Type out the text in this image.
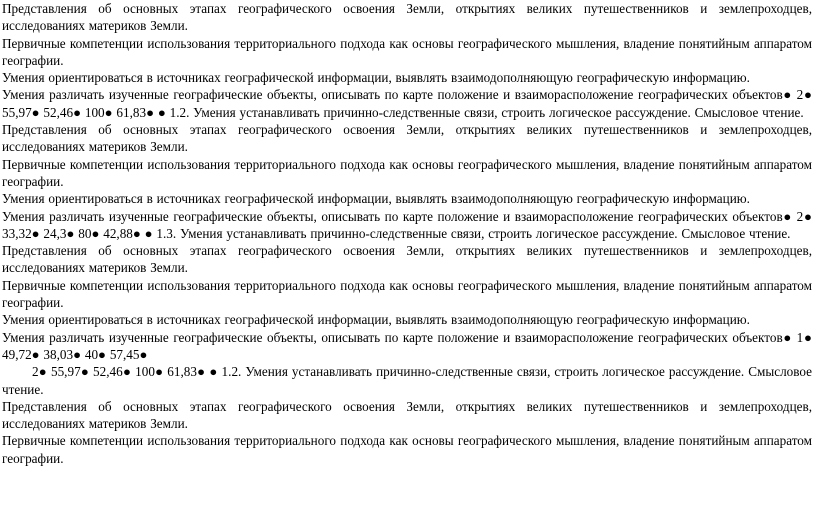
Представления об основных этапах географического освоения Земли, открытиях великих путешественников и землепроходцев, исследованиях материков Земли.

Первичные компетенции использования территориального подхода как основы географического мышления, владение понятийным аппаратом географии.

Умения ориентироваться в источниках географической информации, выявлять взаимодополняющую географическую информацию.

Умения различать изученные географические объекты, описывать по карте положение и взаиморасположение географических объектов● 2● 55,97● 52,46● 100● 61,83● ● 1.2. Умения устанавливать причинно-следственные связи, строить логическое рассуждение. Смысловое чтение.

Представления об основных этапах географического освоения Земли, открытиях великих путешественников и землепроходцев, исследованиях материков Земли.

Первичные компетенции использования территориального подхода как основы географического мышления, владение понятийным аппаратом географии.

Умения ориентироваться в источниках географической информации, выявлять взаимодополняющую географическую информацию.

Умения различать изученные географические объекты, описывать по карте положение и взаиморасположение географических объектов● 2● 33,32● 24,3● 80● 42,88● ● 1.3. Умения устанавливать причинно-следственные связи, строить логическое рассуждение. Смысловое чтение.

Представления об основных этапах географического освоения Земли, открытиях великих путешественников и землепроходцев, исследованиях материков Земли.

Первичные компетенции использования территориального подхода как основы географического мышления, владение понятийным аппаратом географии.

Умения ориентироваться в источниках географической информации, выявлять взаимодополняющую географическую информацию.

Умения различать изученные географические объекты, описывать по карте положение и взаиморасположение географических объектов● 1● 49,72● 38,03● 40● 57,45●

2● 55,97● 52,46● 100● 61,83● ● 1.2. Умения устанавливать причинно-следственные связи, строить логическое рассуждение. Смысловое чтение.

Представления об основных этапах географического освоения Земли, открытиях великих путешественников и землепроходцев, исследованиях материков Земли.

Первичные компетенции использования территориального подхода как основы географического мышления, владение понятийным аппаратом географии.
